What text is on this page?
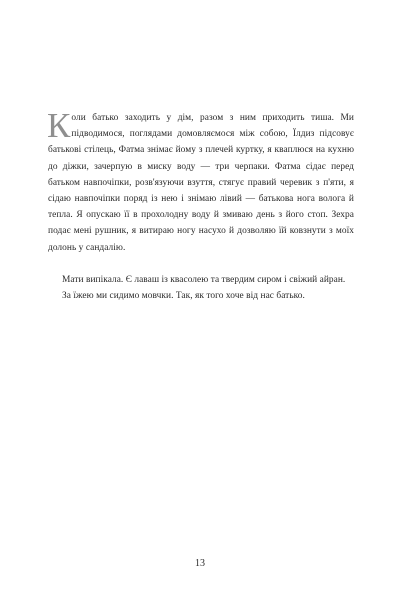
Коли батько заходить у дім, разом з ним приходить тиша. Ми підводимося, поглядами домовляємося між собою, Їлдиз підсовує батькові стілець, Фатма знімає йому з плечей куртку, я кваплюся на кухню до діжки, зачерпую в миску воду — три черпаки. Фатма сідає перед батьком навпочіпки, розв'язуючи взуття, стягує правий черевик з п'яти, я сідаю навпочіпки поряд із нею і знімаю лівий — батькова нога волога й тепла. Я опускаю її в прохолодну воду й змиваю день з його стоп. Зехра подає мені рушник, я витираю ногу насухо й дозволяю їй ковзнути з моїх долонь у сандалію.

Мати випікала. Є лаваш із квасолею та твердим сиром і свіжий айран.

За їжею ми сидимо мовчки. Так, як того хоче від нас батько.

13
